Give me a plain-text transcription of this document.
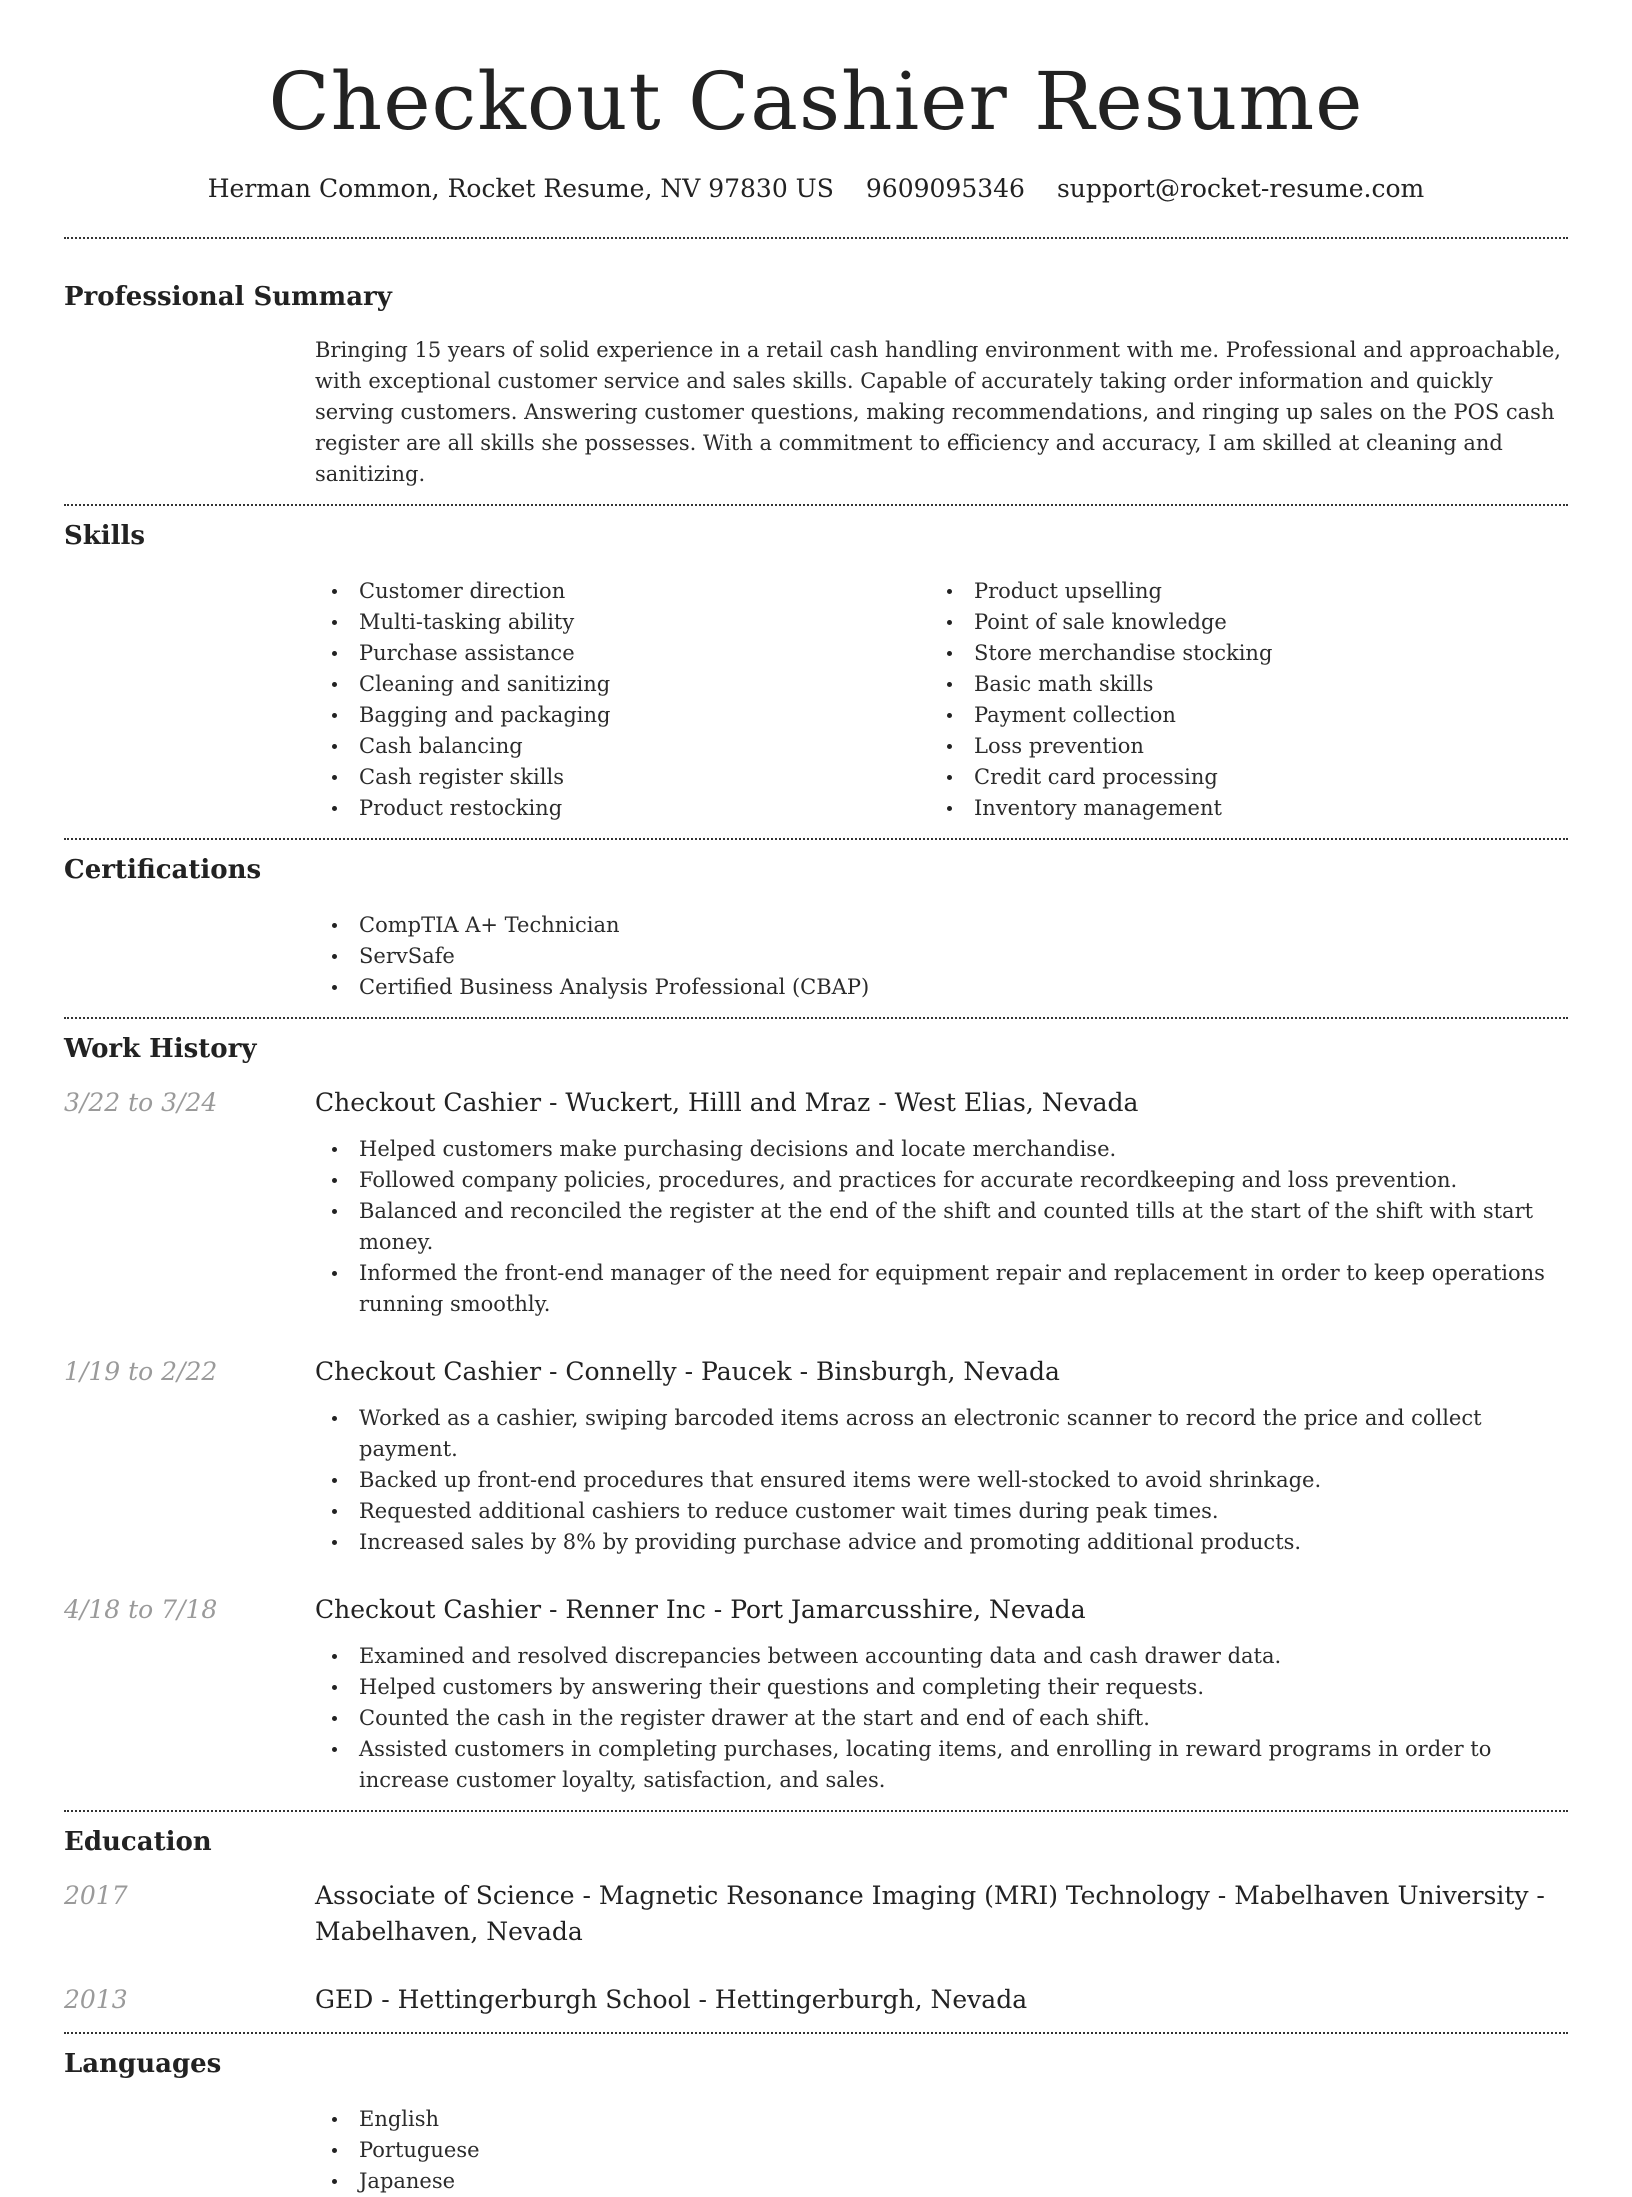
Checkout Cashier Resume
Herman Common, Rocket Resume, NV 97830 US 9609095346 support@rocket-resume.com
Professional Summary

Bringing 15 years of solid experience in a retail cash handling environment with me. Professional and approachable, with exceptional customer service and sales skills. Capable of accurately taking order information and quickly serving customers. Answering customer questions, making recommendations, and ringing up sales on the POS cash register are all skills she possesses. With a commitment to efficiency and accuracy, I am skilled at cleaning and sanitizing.

Skills
Customer direction
Multi-tasking ability
Purchase assistance
Cleaning and sanitizing
Bagging and packaging
Cash balancing
Cash register skills
Product restocking
Product upselling
Point of sale knowledge
Store merchandise stocking
Basic math skills
Payment collection
Loss prevention
Credit card processing
Inventory management
Certifications
CompTIA A+ Technician
ServSafe
Certified Business Analysis Professional (CBAP)
Work History
3/22 to 3/24	Checkout Cashier - Wuckert, Hilll and Mraz - West Elias, Nevada
Helped customers make purchasing decisions and locate merchandise.
Followed company policies, procedures, and practices for accurate recordkeeping and loss prevention.
Balanced and reconciled the register at the end of the shift and counted tills at the start of the shift with start money.
Informed the front-end manager of the need for equipment repair and replacement in order to keep operations running smoothly.
1/19 to 2/22	Checkout Cashier - Connelly - Paucek - Binsburgh, Nevada
Worked as a cashier, swiping barcoded items across an electronic scanner to record the price and collect payment.
Backed up front-end procedures that ensured items were well-stocked to avoid shrinkage.
Requested additional cashiers to reduce customer wait times during peak times.
Increased sales by 8% by providing purchase advice and promoting additional products.
4/18 to 7/18	Checkout Cashier - Renner Inc - Port Jamarcusshire, Nevada
Examined and resolved discrepancies between accounting data and cash drawer data.
Helped customers by answering their questions and completing their requests.
Counted the cash in the register drawer at the start and end of each shift.
Assisted customers in completing purchases, locating items, and enrolling in reward programs in order to increase customer loyalty, satisfaction, and sales.
Education
2017	Associate of Science - Magnetic Resonance Imaging (MRI) Technology - Mabelhaven University - Mabelhaven, Nevada
2013	GED - Hettingerburgh School - Hettingerburgh, Nevada
Languages
English
Portuguese
Japanese
